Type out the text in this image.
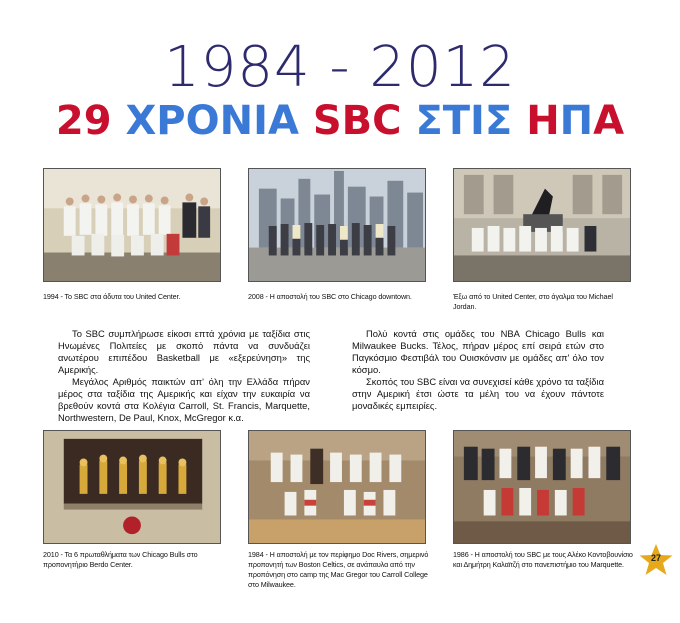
1984 - 2012
29 ΧΡΟΝΙΑ SBC ΣΤΙΣ ΗΠΑ
1994 - Το SBC στα άδυτα του United Center.	2008 - Η αποστολή του SBC στο Chicago downtown.	Έξω από το United Center, στο άγαλμα του Michael Jordan.

Το SBC συμπλήρωσε είκοσι επτά χρόνια με ταξίδια στις Ηνωμένες Πολιτείες με σκοπό πάντα να συνδυάζει ανωτέρου επιπέδου Basketball με «εξερεύνηση» της Αμερικής.

Μεγάλος Αριθμός παικτών απ' όλη την Ελλάδα πήραν μέρος στα ταξίδια της Αμερικής και είχαν την ευκαιρία να βρεθούν κοντά στα Κολέγια Carroll, St. Francis, Marquette, Northwestern, De Paul, Knox, McGregor κ.α.

Πολύ κοντά στις ομάδες του NBA Chicago Bulls και Milwaukee Bucks. Τέλος, πήραν μέρος επί σειρά ετών στο Παγκόσμιο Φεστιβάλ του Ουισκόνσιν με ομάδες απ' όλο τον κόσμο.

Σκοπός του SBC είναι να συνεχισεί κάθε χρόνο τα ταξίδια στην Αμερική έτσι ώστε τα μέλη του να έχουν πάντοτε μοναδικές εμπειρίες.

2010 - Τα 6 πρωταθλήματα των Chicago Bulls στο προπονητήριο Berdo Center.
1984 - Η αποστολή με τον περίφημο Doc Rivers, σημερινό προπονητή των Boston Celtics, σε ανάπαυλα από την προπόνηση στο camp της Mac Gregor του Carroll College στο Milwaukee.
1986 - Η αποστολή του SBC με τους Αλέκο Κοντοβουνίσιο και Δημήτρη Καλαϊτζή στο πανεπιστήμιο του Marquette.
27
